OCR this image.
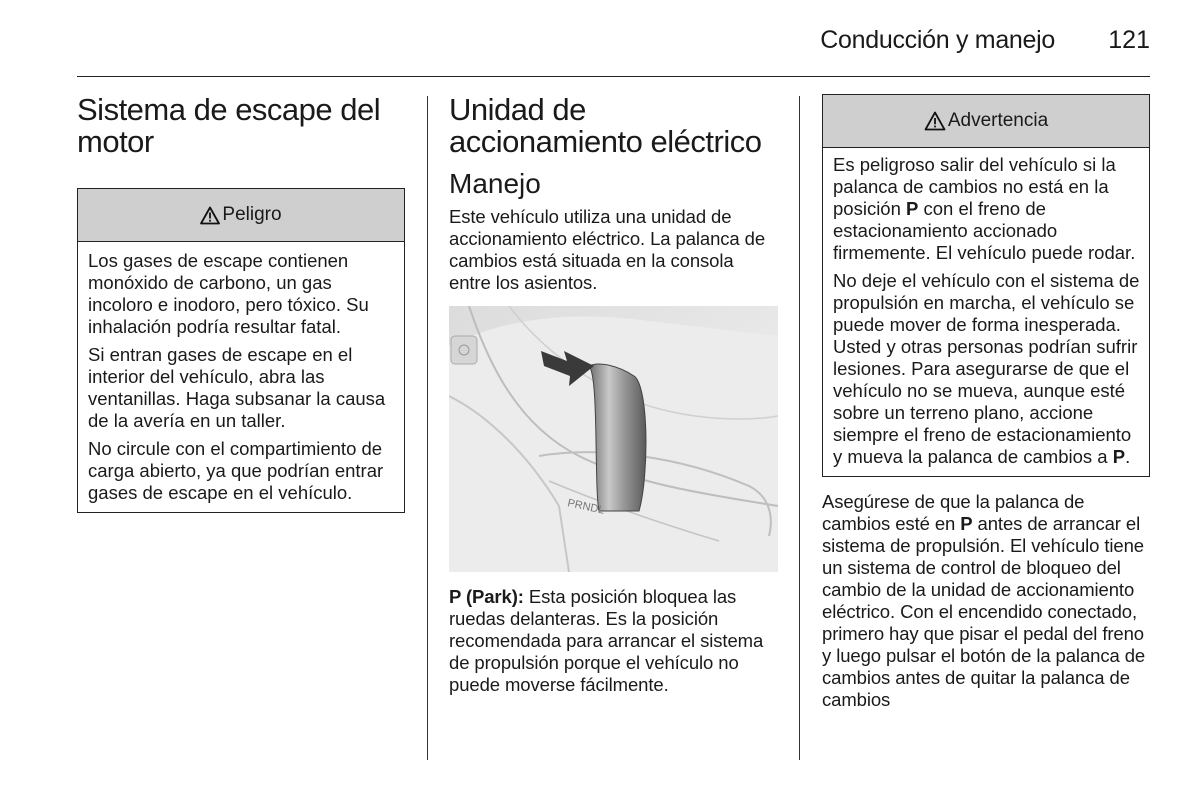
Conducción y manejo 121
Sistema de escape del motor
Peligro

Los gases de escape contienen monóxido de carbono, un gas incoloro e inodoro, pero tóxico. Su inhalación podría resultar fatal.

Si entran gases de escape en el interior del vehículo, abra las ventanillas. Haga subsanar la causa de la avería en un taller.

No circule con el compartimiento de carga abierto, ya que podrían entrar gases de escape en el vehículo.

Unidad de accionamiento eléctrico
Manejo

Este vehículo utiliza una unidad de accionamiento eléctrico. La palanca de cambios está situada en la consola entre los asientos.

PRNDL

P (Park): Esta posición bloquea las ruedas delanteras. Es la posición recomendada para arrancar el sistema de propulsión porque el vehículo no puede moverse fácilmente.

Advertencia

Es peligroso salir del vehículo si la palanca de cambios no está en la posición P con el freno de estacionamiento accionado firmemente. El vehículo puede rodar.

No deje el vehículo con el sistema de propulsión en marcha, el vehículo se puede mover de forma inesperada. Usted y otras personas podrían sufrir lesiones. Para asegurarse de que el vehículo no se mueva, aunque esté sobre un terreno plano, accione siempre el freno de estacionamiento y mueva la palanca de cambios a P.

Asegúrese de que la palanca de cambios esté en P antes de arrancar el sistema de propulsión. El vehículo tiene un sistema de control de bloqueo del cambio de la unidad de accionamiento eléctrico. Con el encendido conectado, primero hay que pisar el pedal del freno y luego pulsar el botón de la palanca de cambios antes de quitar la palanca de cambios
